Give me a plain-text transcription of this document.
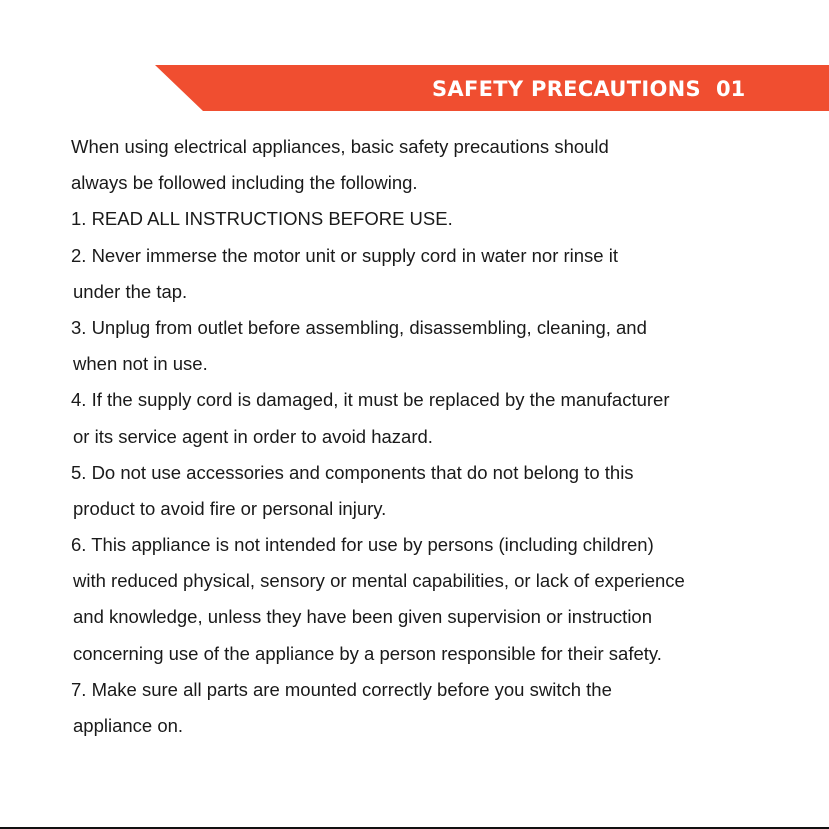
SAFETY PRECAUTIONS 01
When using electrical appliances, basic safety precautions should
always be followed including the following.
1. READ ALL INSTRUCTIONS BEFORE USE.
2. Never immerse the motor unit or supply cord in water nor rinse it
under the tap.
3. Unplug from outlet before assembling, disassembling, cleaning, and
when not in use.
4. If the supply cord is damaged, it must be replaced by the manufacturer
or its service agent in order to avoid hazard.
5. Do not use accessories and components that do not belong to this
product to avoid fire or personal injury.
6. This appliance is not intended for use by persons (including children)
with reduced physical, sensory or mental capabilities, or lack of experience
and knowledge, unless they have been given supervision or instruction
concerning use of the appliance by a person responsible for their safety.
7. Make sure all parts are mounted correctly before you switch the
appliance on.
